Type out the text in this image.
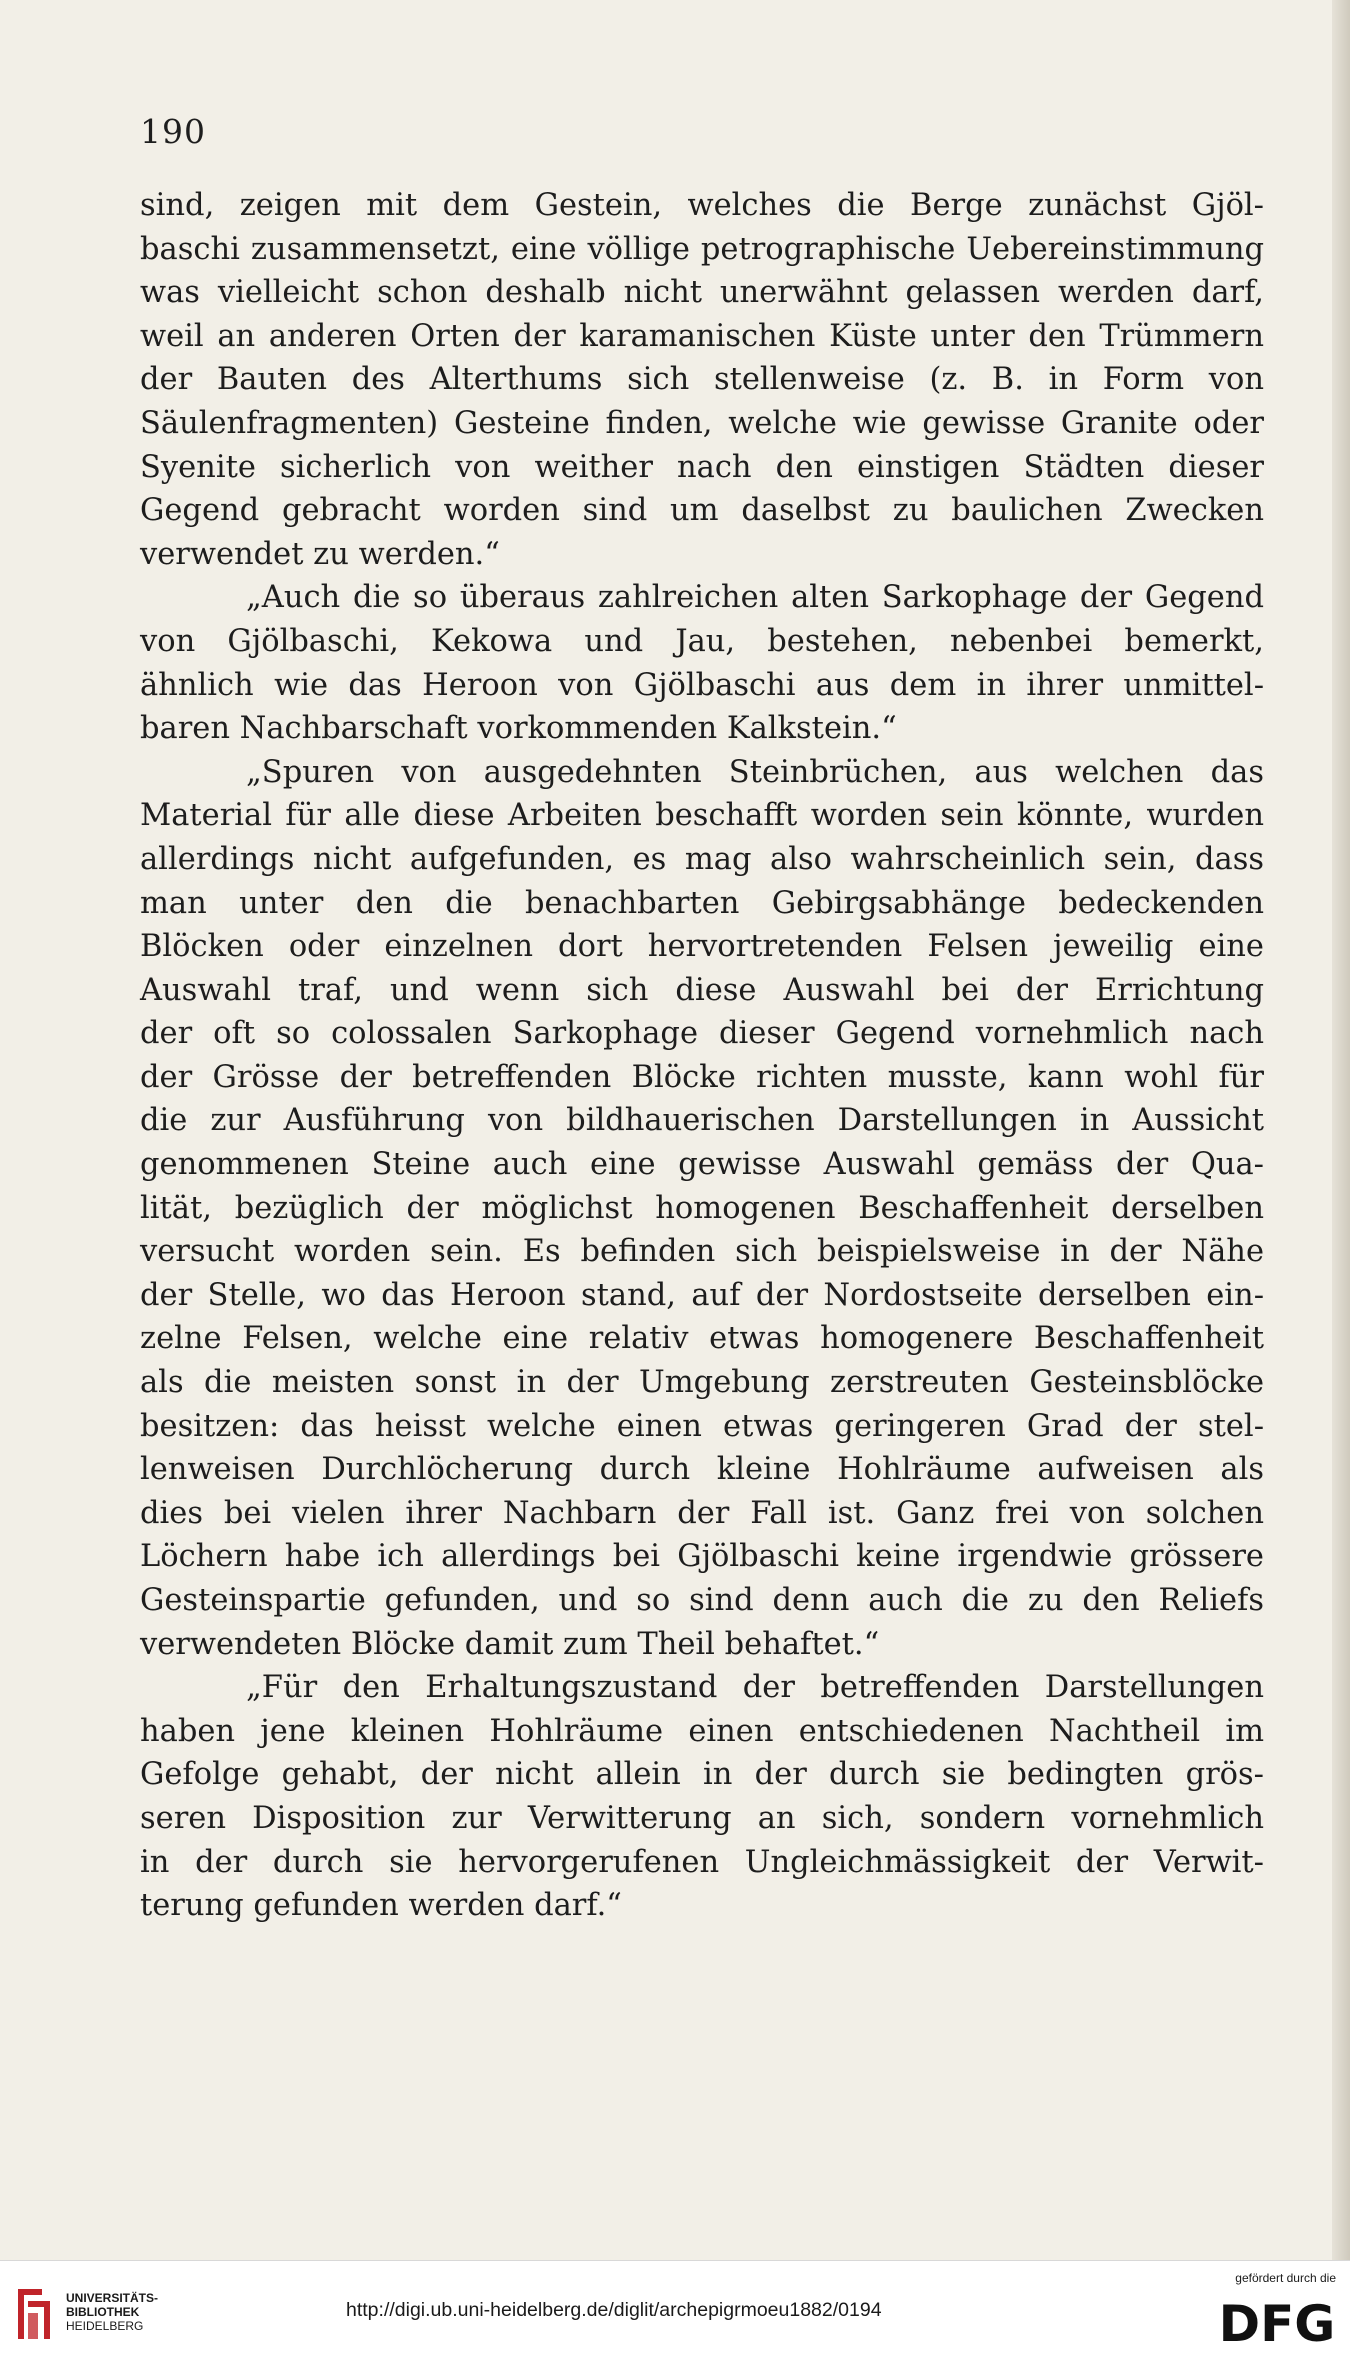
190
sind, zeigen mit dem Gestein, welches die Berge zunächst Gjöl-
baschi zusammensetzt, eine völlige petrographische Uebereinstimmung
was vielleicht schon deshalb nicht unerwähnt gelassen werden darf,
weil an anderen Orten der karamanischen Küste unter den Trümmern
der Bauten des Alterthums sich stellenweise (z. B. in Form von
Säulenfragmenten) Gesteine finden, welche wie gewisse Granite oder
Syenite sicherlich von weither nach den einstigen Städten dieser
Gegend gebracht worden sind um daselbst zu baulichen Zwecken
verwendet zu werden.“
„Auch die so überaus zahlreichen alten Sarkophage der Gegend
von Gjölbaschi, Kekowa und Jau, bestehen, nebenbei bemerkt,
ähnlich wie das Heroon von Gjölbaschi aus dem in ihrer unmittel-
baren Nachbarschaft vorkommenden Kalkstein.“
„Spuren von ausgedehnten Steinbrüchen, aus welchen das
Material für alle diese Arbeiten beschafft worden sein könnte, wurden
allerdings nicht aufgefunden, es mag also wahrscheinlich sein, dass
man unter den die benachbarten Gebirgsabhänge bedeckenden
Blöcken oder einzelnen dort hervortretenden Felsen jeweilig eine
Auswahl traf, und wenn sich diese Auswahl bei der Errichtung
der oft so colossalen Sarkophage dieser Gegend vornehmlich nach
der Grösse der betreffenden Blöcke richten musste, kann wohl für
die zur Ausführung von bildhauerischen Darstellungen in Aussicht
genommenen Steine auch eine gewisse Auswahl gemäss der Qua-
lität, bezüglich der möglichst homogenen Beschaffenheit derselben
versucht worden sein. Es befinden sich beispielsweise in der Nähe
der Stelle, wo das Heroon stand, auf der Nordostseite derselben ein-
zelne Felsen, welche eine relativ etwas homogenere Beschaffenheit
als die meisten sonst in der Umgebung zerstreuten Gesteinsblöcke
besitzen: das heisst welche einen etwas geringeren Grad der stel-
lenweisen Durchlöcherung durch kleine Hohlräume aufweisen als
dies bei vielen ihrer Nachbarn der Fall ist. Ganz frei von solchen
Löchern habe ich allerdings bei Gjölbaschi keine irgendwie grössere
Gesteinspartie gefunden, und so sind denn auch die zu den Reliefs
verwendeten Blöcke damit zum Theil behaftet.“
„Für den Erhaltungszustand der betreffenden Darstellungen
haben jene kleinen Hohlräume einen entschiedenen Nachtheil im
Gefolge gehabt, der nicht allein in der durch sie bedingten grös-
seren Disposition zur Verwitterung an sich, sondern vornehmlich
in der durch sie hervorgerufenen Ungleichmässigkeit der Verwit-
terung gefunden werden darf.“
UNIVERSITÄTS-
BIBLIOTHEK
HEIDELBERG
http://digi.ub.uni-heidelberg.de/diglit/archepigrmoeu1882/0194
gefördert durch die
DFG
